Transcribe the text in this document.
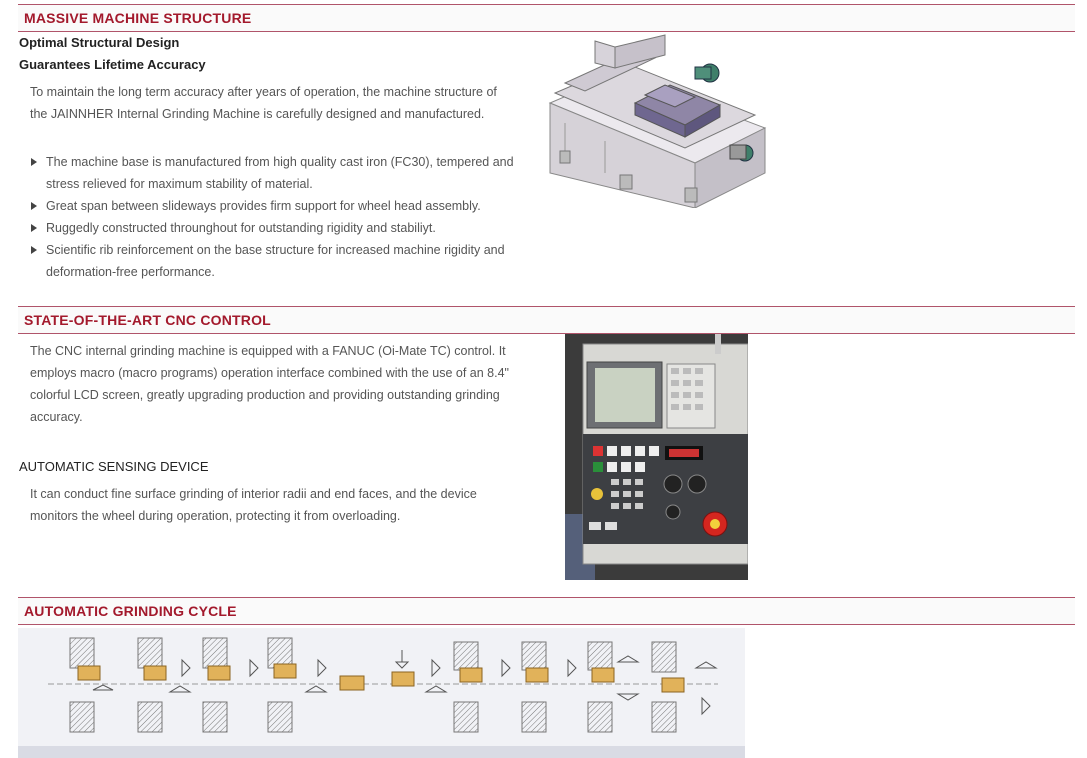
MASSIVE MACHINE STRUCTURE
Optimal Structural Design
Guarantees Lifetime Accuracy
To maintain the long term accuracy after years of operation, the machine structure of
the JAINNHER Internal Grinding Machine is carefully designed and manufactured.
The machine base is manufactured from high quality cast iron (FC30), tempered and
stress relieved for maximum stability of material.
Great span between slideways provides firm support for wheel head assembly.
Ruggedly constructed throunghout for outstanding rigidity and stabiliyt.
Scientific rib reinforcement on the base structure for increased machine rigidity and
deformation-free performance.
STATE-OF-THE-ART CNC CONTROL
The CNC internal grinding machine is equipped with a FANUC (Oi-Mate TC) control. It
employs macro (macro programs) operation interface combined with the use of an 8.4"
colorful LCD screen, greatly upgrading production and providing outstanding grinding
accuracy.
AUTOMATIC SENSING DEVICE
It can conduct fine surface grinding of interior radii and end faces, and the device
monitors the wheel during operation, protecting it from overloading.
AUTOMATIC GRINDING CYCLE
